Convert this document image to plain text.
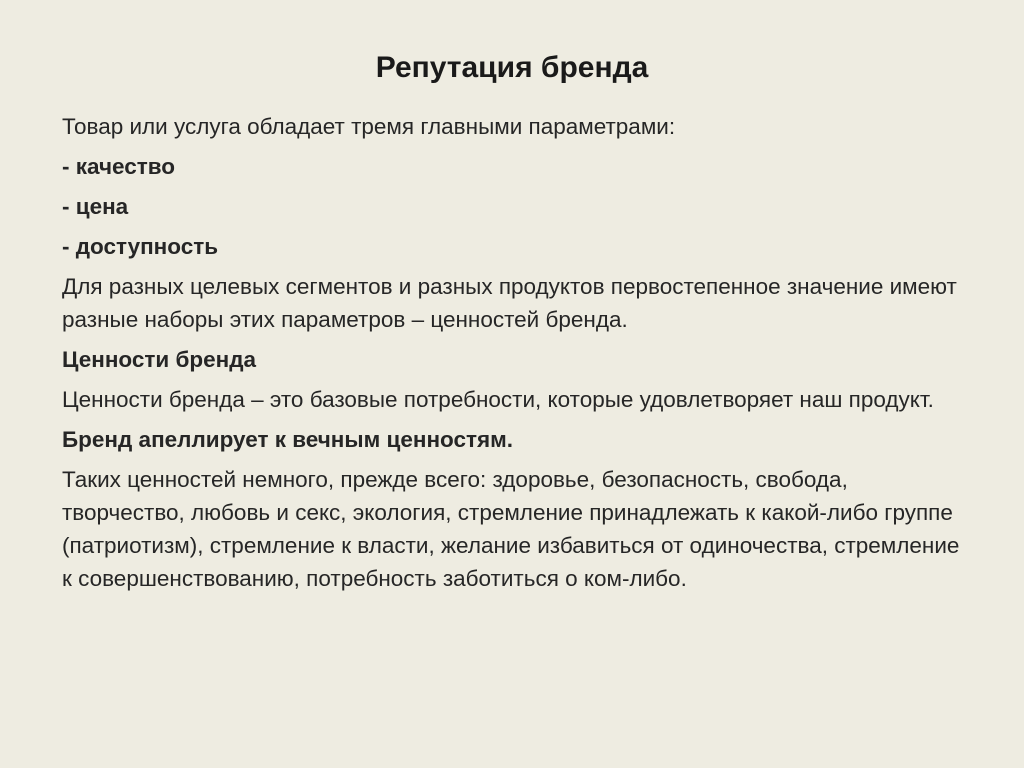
Репутация бренда

Товар или услуга обладает тремя главными параметрами:

- качество

- цена

- доступность

Для разных целевых сегментов и разных продуктов первостепенное значение имеют разные наборы этих параметров – ценностей бренда.

Ценности бренда

Ценности бренда – это базовые потребности, которые удовлетворяет наш продукт.

Бренд апеллирует к вечным ценностям.

Таких ценностей немного, прежде всего: здоровье, безопасность, свобода, творчество, любовь и секс, экология, стремление принадлежать к какой-либо группе (патриотизм), стремление к власти, желание избавиться от одиночества, стремление к совершенствованию, потребность заботиться о ком-либо.
